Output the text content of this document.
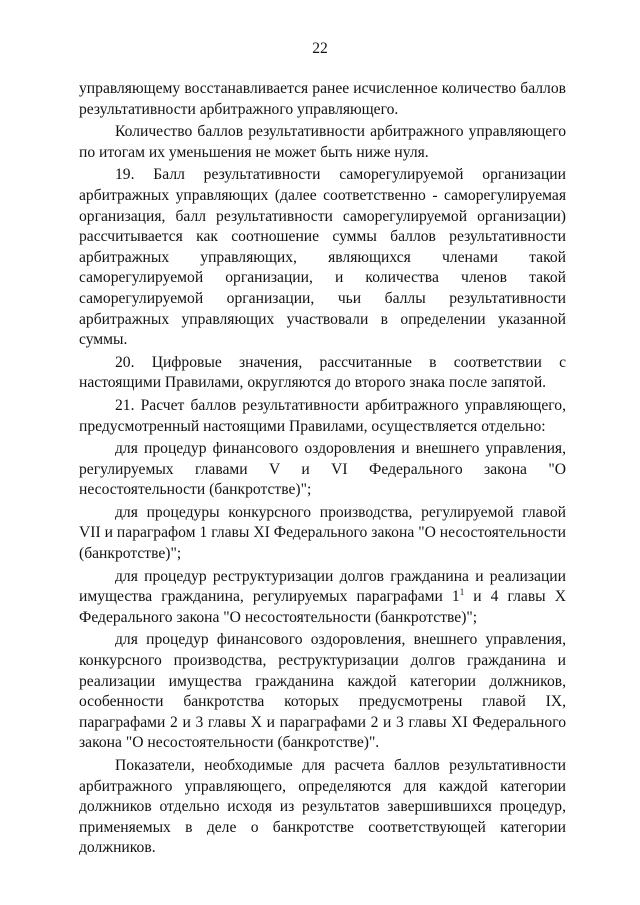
22

управляющему восстанавливается ранее исчисленное количество баллов результативности арбитражного управляющего.

Количество баллов результативности арбитражного управляющего по итогам их уменьшения не может быть ниже нуля.

19. Балл результативности саморегулируемой организации арбитражных управляющих (далее соответственно - саморегулируемая организация, балл результативности саморегулируемой организации) рассчитывается как соотношение суммы баллов результативности арбитражных управляющих, являющихся членами такой саморегулируемой организации, и количества членов такой саморегулируемой организации, чьи баллы результативности арбитражных управляющих участвовали в определении указанной суммы.

20. Цифровые значения, рассчитанные в соответствии с настоящими Правилами, округляются до второго знака после запятой.

21. Расчет баллов результативности арбитражного управляющего, предусмотренный настоящими Правилами, осуществляется отдельно:

для процедур финансового оздоровления и внешнего управления, регулируемых главами V и VI Федерального закона "О несостоятельности (банкротстве)";

для процедуры конкурсного производства, регулируемой главой VII и параграфом 1 главы XI Федерального закона "О несостоятельности (банкротстве)";

для процедур реструктуризации долгов гражданина и реализации имущества гражданина, регулируемых параграфами $1^1$ и 4 главы X Федерального закона "О несостоятельности (банкротстве)";

для процедур финансового оздоровления, внешнего управления, конкурсного производства, реструктуризации долгов гражданина и реализации имущества гражданина каждой категории должников, особенности банкротства которых предусмотрены главой IX, параграфами 2 и 3 главы X и параграфами 2 и 3 главы XI Федерального закона "О несостоятельности (банкротстве)".

Показатели, необходимые для расчета баллов результативности арбитражного управляющего, определяются для каждой категории должников отдельно исходя из результатов завершившихся процедур, применяемых в деле о банкротстве соответствующей категории должников.
